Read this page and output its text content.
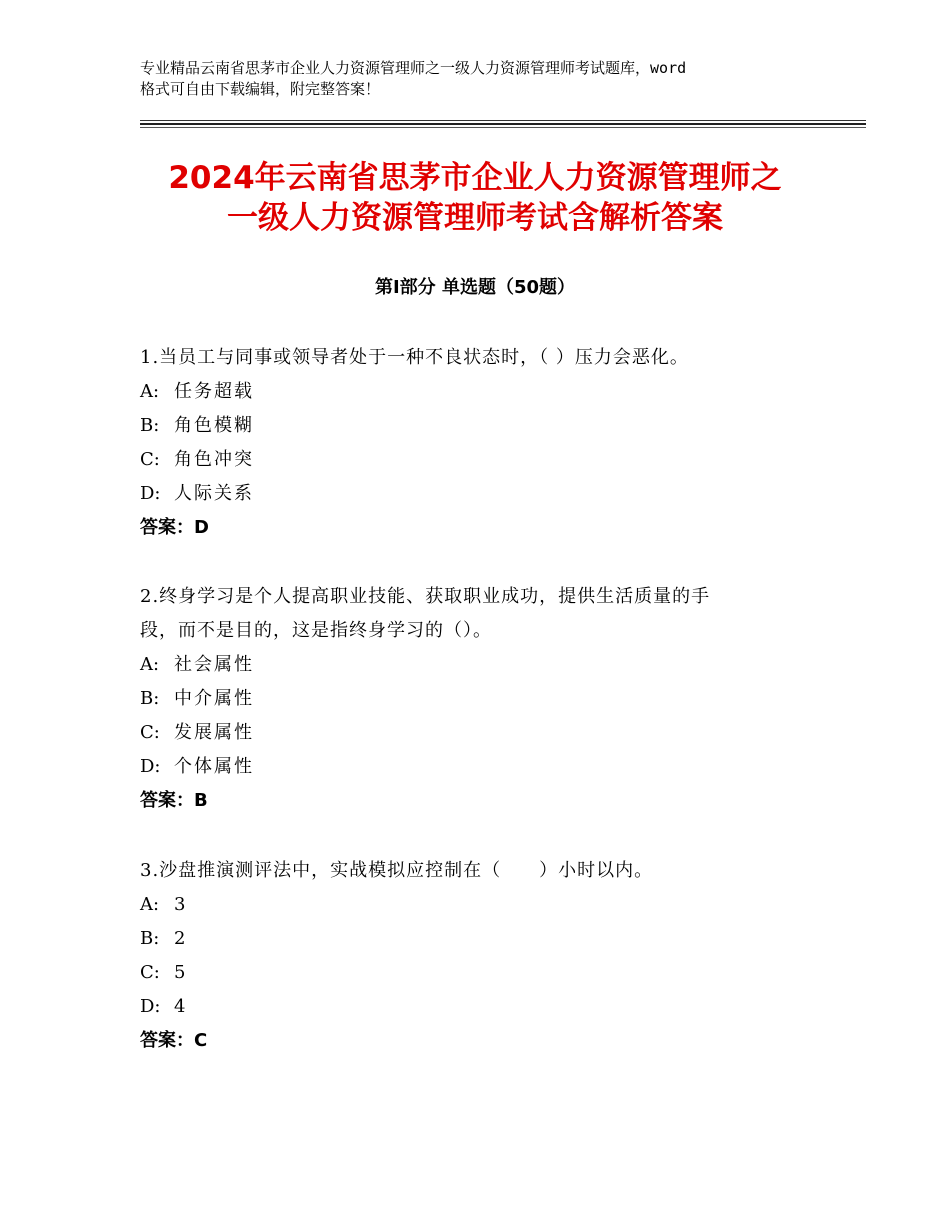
专业精品云南省思茅市企业人力资源管理师之一级人力资源管理师考试题库，word
格式可自由下载编辑，附完整答案！
2024年云南省思茅市企业人力资源管理师之
一级人力资源管理师考试含解析答案
第Ⅰ部分 单选题（50题）
1.当员工与同事或领导者处于一种不良状态时，（ ）压力会恶化。
A: 任务超载
B: 角色模糊
C: 角色冲突
D: 人际关系
答案：D
2.终身学习是个人提高职业技能、获取职业成功，提供生活质量的手
段，而不是目的，这是指终身学习的（）。
A: 社会属性
B: 中介属性
C: 发展属性
D: 个体属性
答案：B
3.沙盘推演测评法中，实战模拟应控制在（　　）小时以内。
A: 3
B: 2
C: 5
D: 4
答案：C
